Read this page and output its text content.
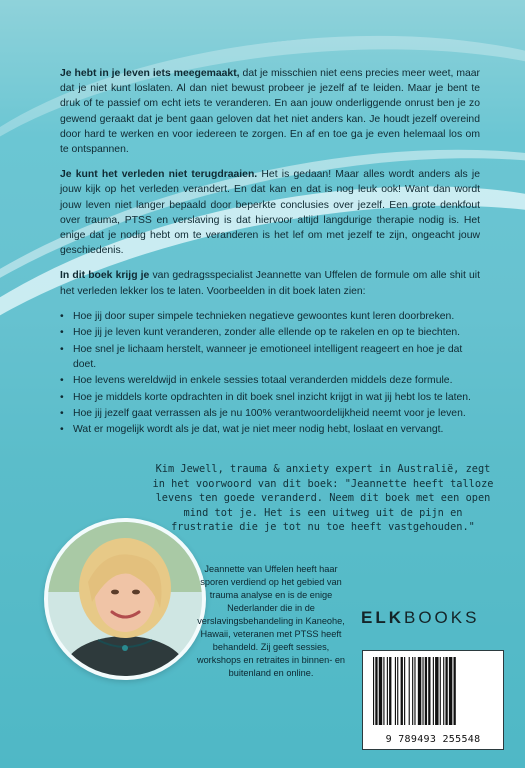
Je hebt in je leven iets meegemaakt, dat je misschien niet eens precies meer weet, maar dat je niet kunt loslaten. Al dan niet bewust probeer je jezelf af te leiden. Maar je bent te druk of te passief om echt iets te veranderen. En aan jouw onderliggende onrust ben je zo gewend geraakt dat je bent gaan geloven dat het niet anders kan. Je houdt jezelf overeind door hard te werken en voor iedereen te zorgen. En af en toe ga je even helemaal los om te ontspannen.

Je kunt het verleden niet terugdraaien. Het is gedaan! Maar alles wordt anders als je jouw kijk op het verleden verandert. En dat kan en dat is nog leuk ook! Want dan wordt jouw leven niet langer bepaald door beperkte conclusies over jezelf. Een grote denkfout over trauma, PTSS en verslaving is dat hiervoor altijd langdurige therapie nodig is. Het enige dat je nodig hebt om te veranderen is het lef om met jezelf te zijn, ongeacht jouw geschiedenis.

In dit boek krijg je van gedragsspecialist Jeannette van Uffelen de formule om alle shit uit het verleden lekker los te laten. Voorbeelden in dit boek laten zien:

• Hoe jij door super simpele technieken negatieve gewoontes kunt leren doorbreken.
• Hoe jij je leven kunt veranderen, zonder alle ellende op te rakelen en op te biechten.
• Hoe snel je lichaam herstelt, wanneer je emotioneel intelligent reageert en hoe je dat doet.
• Hoe levens wereldwijd in enkele sessies totaal veranderden middels deze formule.
• Hoe je middels korte opdrachten in dit boek snel inzicht krijgt in wat jij hebt los te laten.
• Hoe jij jezelf gaat verrassen als je nu 100% verantwoordelijkheid neemt voor je leven.
• Wat er mogelijk wordt als je dat, wat je niet meer nodig hebt, loslaat en vervangt.
Kim Jewell, trauma & anxiety expert in Australië, zegt in het voorwoord van dit boek: "Jeannette heeft talloze levens ten goede veranderd. Neem dit boek met een open mind tot je. Het is een uitweg uit de pijn en frustratie die je tot nu toe heeft vastgehouden."
Jeannette van Uffelen heeft haar sporen verdiend op het gebied van trauma analyse en is de enige Nederlander die in de verslavingsbehandeling in Kaneohe, Hawaii, veteranen met PTSS heeft behandeld. Zij geeft sessies, workshops en retraites in binnen- en buitenland en online.
ELKBOOKS
9 789493 255548
